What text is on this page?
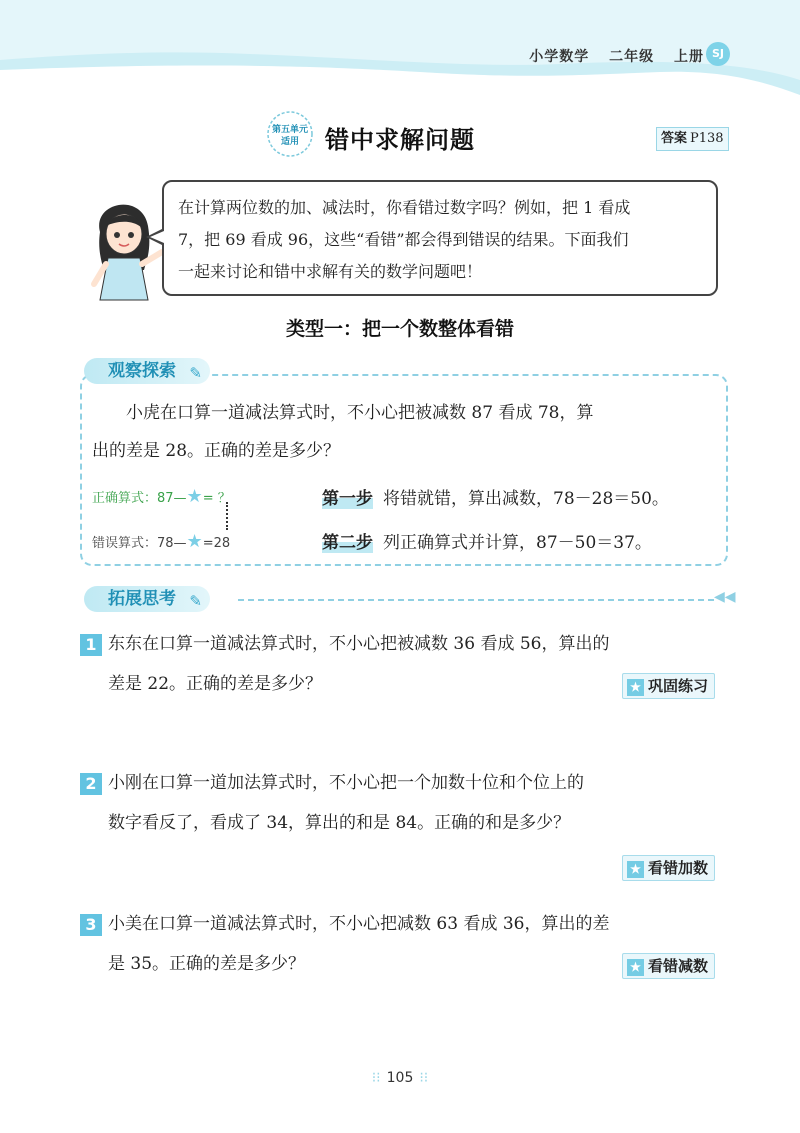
小学数学 二年级 上册 SJ
第五单元
适用 错中求解问题	答案 P138
在计算两位数的加、减法时，你看错过数字吗？例如，把 1 看成
7，把 69 看成 96，这些“看错”都会得到错误的结果。下面我们
一起来讨论和错中求解有关的数学问题吧！
类型一：把一个数整体看错
观察探索 ✎
小虎在口算一道减法算式时，不小心把被减数 87 看成 78，算
出的差是 28。正确的差是多少？
正确算式：87—★= ？
错误算式：78—★=28
第一步 将错就错，算出减数，78－28＝50。
第二步 列正确算式并计算，87－50＝37。
拓展思考 ✎	◀◀
1 东东在口算一道减法算式时，不小心把被减数 36 看成 56，算出的
差是 22。正确的差是多少？	★ 巩固练习
2 小刚在口算一道加法算式时，不小心把一个加数十位和个位上的
数字看反了，看成了 34，算出的和是 84。正确的和是多少？
★ 看错加数
3 小美在口算一道减法算式时，不小心把减数 63 看成 36，算出的差
是 35。正确的差是多少？	★ 看错减数
⁝⁝ 105 ⁝⁝
